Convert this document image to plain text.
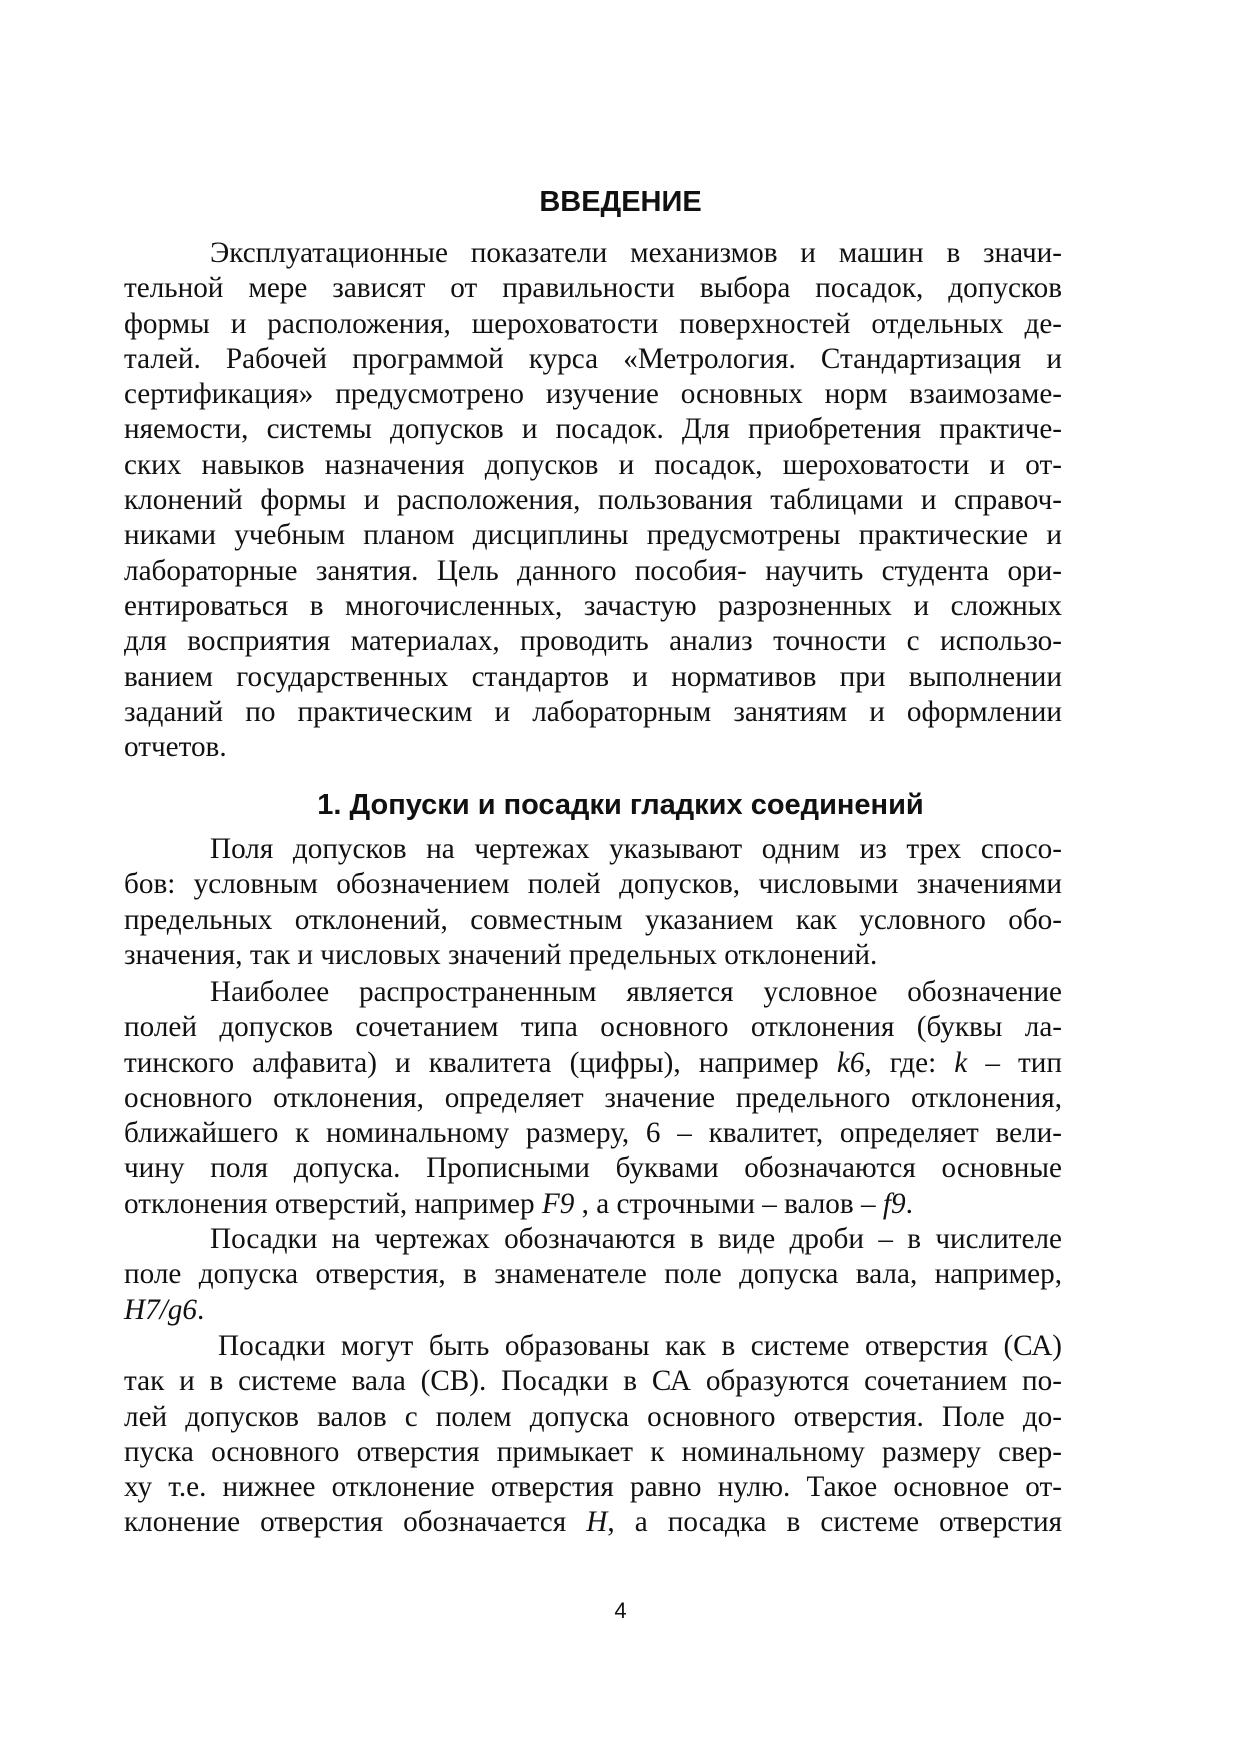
ВВЕДЕНИЕ
Эксплуатационные показатели механизмов и машин в значи-
тельной мере зависят от правильности выбора посадок, допусков
формы и расположения, шероховатости поверхностей отдельных де-
талей. Рабочей программой курса «Метрология. Стандартизация и
сертификация» предусмотрено изучение основных норм взаимозаме-
няемости, системы допусков и посадок. Для приобретения практиче-
ских навыков назначения допусков и посадок, шероховатости и от-
клонений формы и расположения, пользования таблицами и справоч-
никами учебным планом дисциплины предусмотрены практические и
лабораторные занятия. Цель данного пособия- научить студента ори-
ентироваться в многочисленных, зачастую разрозненных и сложных
для восприятия материалах, проводить анализ точности с использо-
ванием государственных стандартов и нормативов при выполнении
заданий по практическим и лабораторным занятиям и оформлении
отчетов.
1. Допуски и посадки гладких соединений
Поля допусков на чертежах указывают одним из трех спосо-
бов: условным обозначением полей допусков, числовыми значениями
предельных отклонений, совместным указанием как условного обо-
значения, так и числовых значений предельных отклонений.
Наиболее распространенным является условное обозначение
полей допусков сочетанием типа основного отклонения (буквы ла-
тинского алфавита) и квалитета (цифры), например k6, где: k – тип
основного отклонения, определяет значение предельного отклонения,
ближайшего к номинальному размеру, 6 – квалитет, определяет вели-
чину поля допуска. Прописными буквами обозначаются основные
отклонения отверстий, например F9 , а строчными – валов – f9.
Посадки на чертежах обозначаются в виде дроби – в числителе
поле допуска отверстия, в знаменателе поле допуска вала, например,
H7/g6.
Посадки могут быть образованы как в системе отверстия (СА)
так и в системе вала (СВ). Посадки в СА образуются сочетанием по-
лей допусков валов с полем допуска основного отверстия. Поле до-
пуска основного отверстия примыкает к номинальному размеру свер-
ху т.е. нижнее отклонение отверстия равно нулю. Такое основное от-
клонение отверстия обозначается H, а посадка в системе отверстия
4
